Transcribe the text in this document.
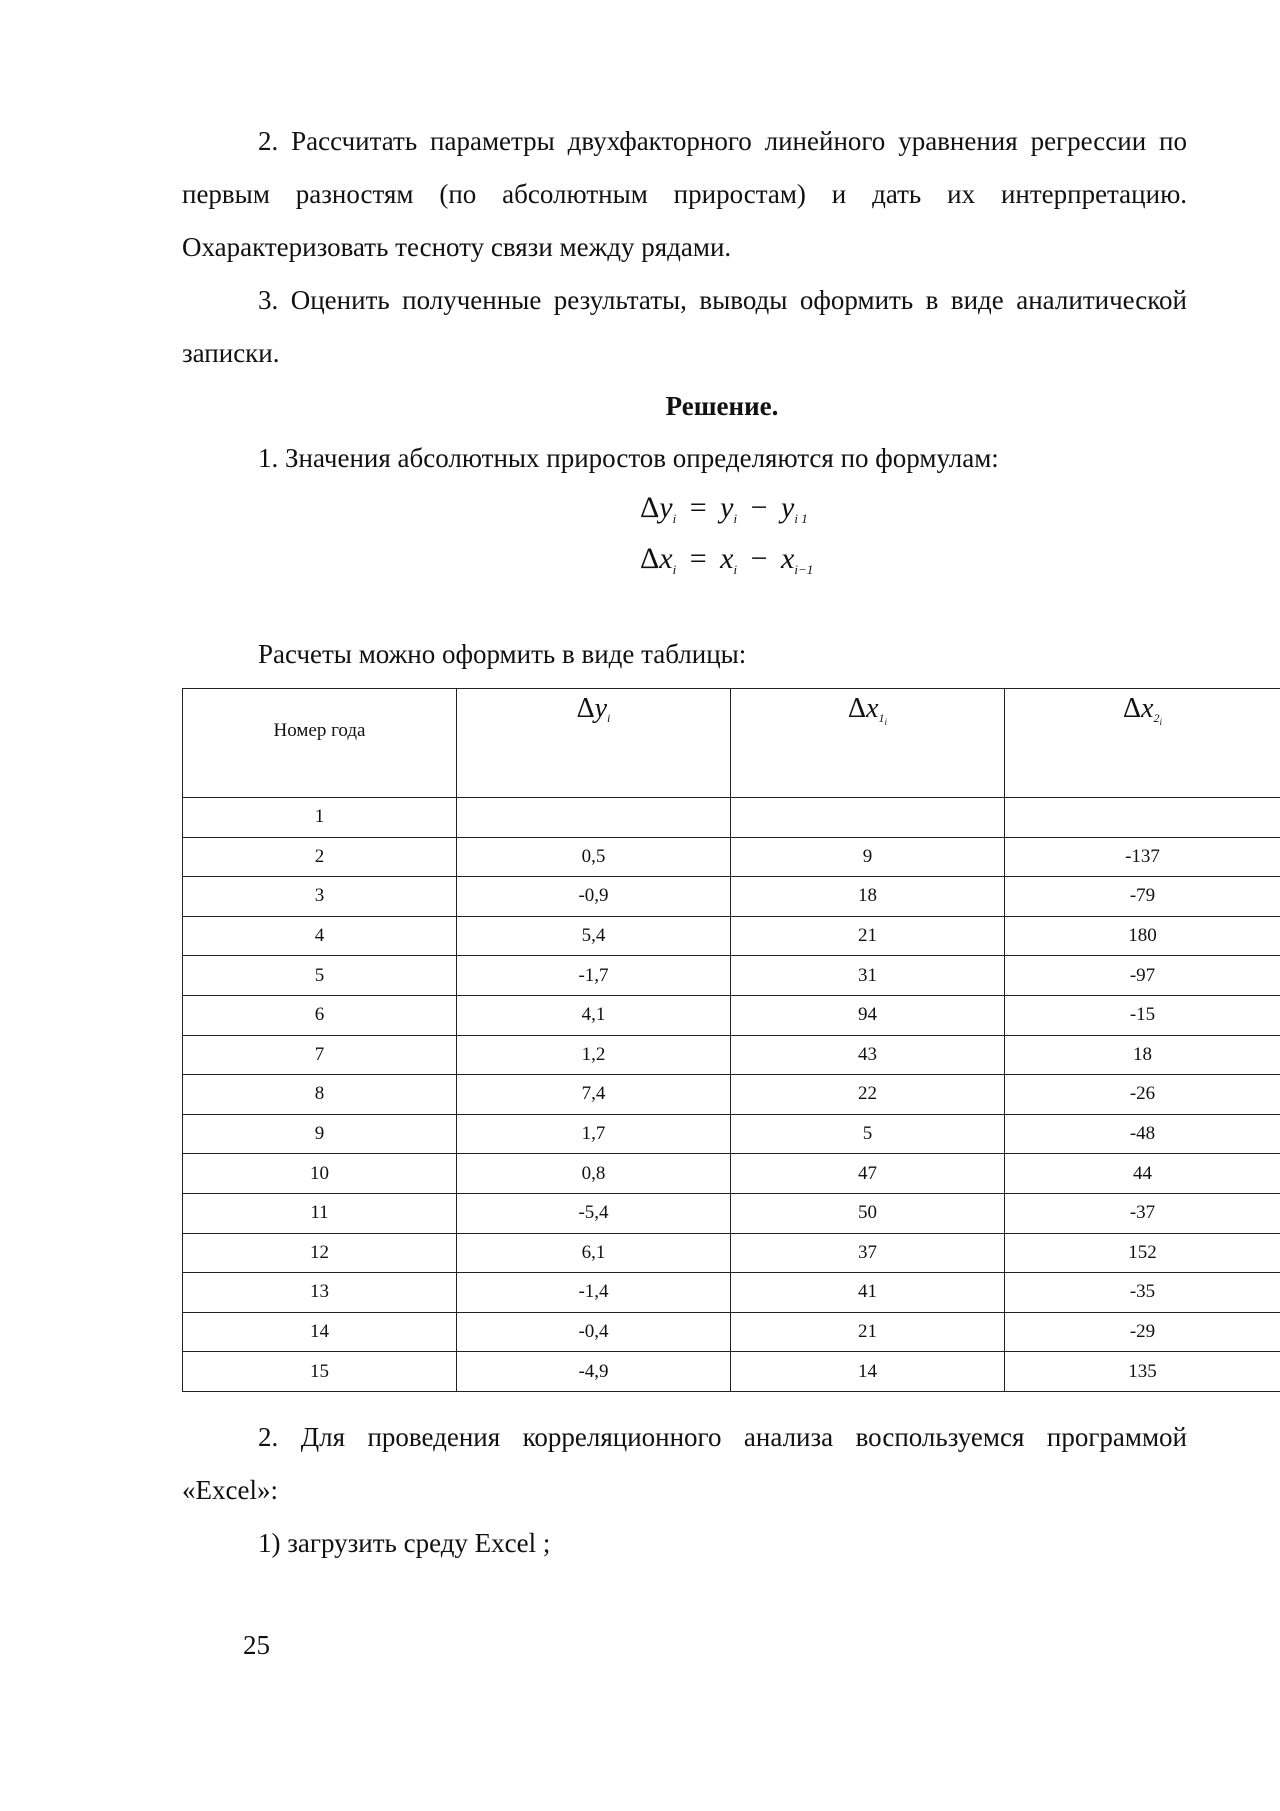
2. Рассчитать параметры двухфакторного линейного уравнения регрессии по первым разностям (по абсолютным приростам) и дать их интерпретацию. Охарактеризовать тесноту связи между рядами.

3. Оценить полученные результаты, выводы оформить в виде аналитической записки.

Решение.

1. Значения абсолютных приростов определяются по формулам:

$\Delta y_i = y_i - y_{i 1}$
$\Delta x_i = x_i - x_{i-1}$

Расчеты можно оформить в виде таблицы:

Номер года	$\Delta y_i$	$\Delta x_{1_i}$	$\Delta x_{2_i}$
1			
2	0,5	9	-137
3	-0,9	18	-79
4	5,4	21	180
5	-1,7	31	-97
6	4,1	94	-15
7	1,2	43	18
8	7,4	22	-26
9	1,7	5	-48
10	0,8	47	44
11	-5,4	50	-37
12	6,1	37	152
13	-1,4	41	-35
14	-0,4	21	-29
15	-4,9	14	135

2. Для проведения корреляционного анализа воспользуемся программой «Excel»:

1) загрузить среду Excel ;

25
